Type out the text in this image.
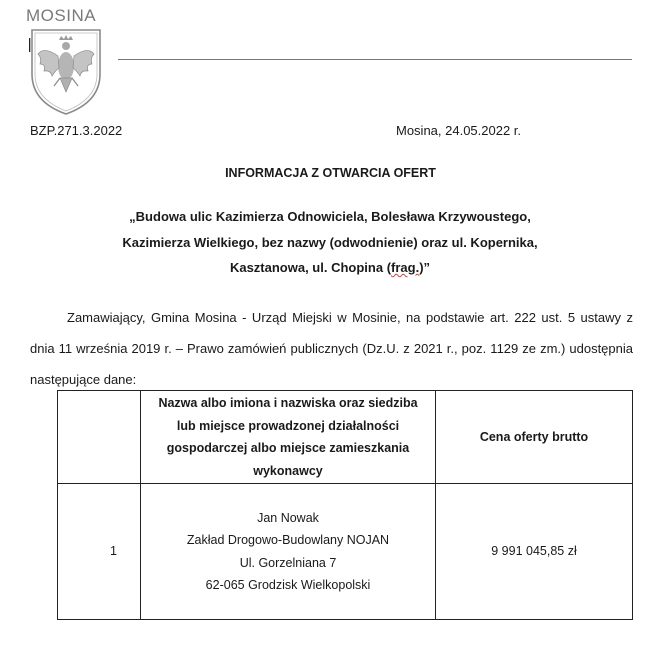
MOSINA
BZP.271.3.2022	Mosina, 24.05.2022 r.
INFORMACJA Z OTWARCIA OFERT
„Budowa ulic Kazimierza Odnowiciela, Bolesława Krzywoustego,
Kazimierza Wielkiego, bez nazwy (odwodnienie) oraz ul. Kopernika,
Kasztanowa, ul. Chopina (frag.)”
Zamawiający, Gmina Mosina - Urząd Miejski w Mosinie, na podstawie art. 222 ust. 5 ustawy z dnia 11 września 2019 r. – Prawo zamówień publicznych (Dz.U. z 2021 r., poz. 1129 ze zm.) udostępnia następujące dane:
	Nazwa albo imiona i nazwiska oraz siedziba lub miejsce prowadzonej działalności gospodarczej albo miejsce zamieszkania wykonawcy	Cena oferty brutto
1	Jan Nowak
Zakład Drogowo-Budowlany NOJAN
Ul. Gorzelniana 7
62-065 Grodzisk Wielkopolski	9 991 045,85 zł
